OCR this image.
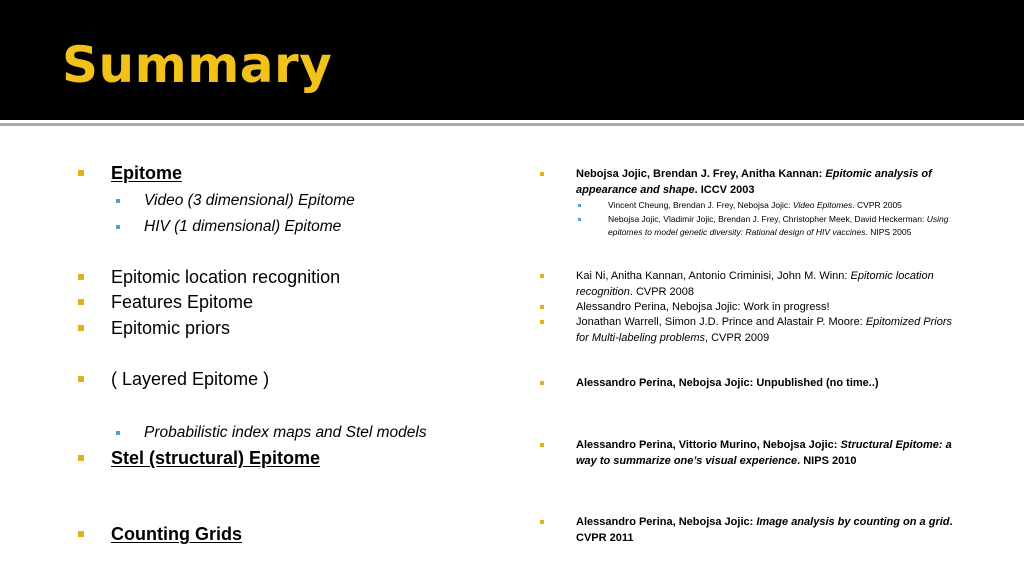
Summary
Epitome
Video (3 dimensional) Epitome
HIV (1 dimensional) Epitome
Epitomic location recognition
Features Epitome
Epitomic priors
( Layered Epitome )
Probabilistic index maps and Stel models
Stel (structural) Epitome
Counting Grids
Nebojsa Jojic, Brendan J. Frey, Anitha Kannan: Epitomic analysis of appearance and shape. ICCV 2003
Vincent Cheung, Brendan J. Frey, Nebojsa Jojic: Video Epitomes. CVPR 2005
Nebojsa Jojic, Vladimir Jojic, Brendan J. Frey, Christopher Meek, David Heckerman: Using epitomes to model genetic diversity: Rational design of HIV vaccines. NIPS 2005
Kai Ni, Anitha Kannan, Antonio Criminisi, John M. Winn: Epitomic location recognition. CVPR 2008
Alessandro Perina, Nebojsa Jojic: Work in progress!
Jonathan Warrell, Simon J.D. Prince and Alastair P. Moore: Epitomized Priors for Multi-labeling problems, CVPR 2009
Alessandro Perina, Nebojsa Jojic: Unpublished (no time..)
Alessandro Perina, Vittorio Murino, Nebojsa Jojic: Structural Epitome: a way to summarize one’s visual experience. NIPS 2010
Alessandro Perina, Nebojsa Jojic: Image analysis by counting on a grid. CVPR 2011
